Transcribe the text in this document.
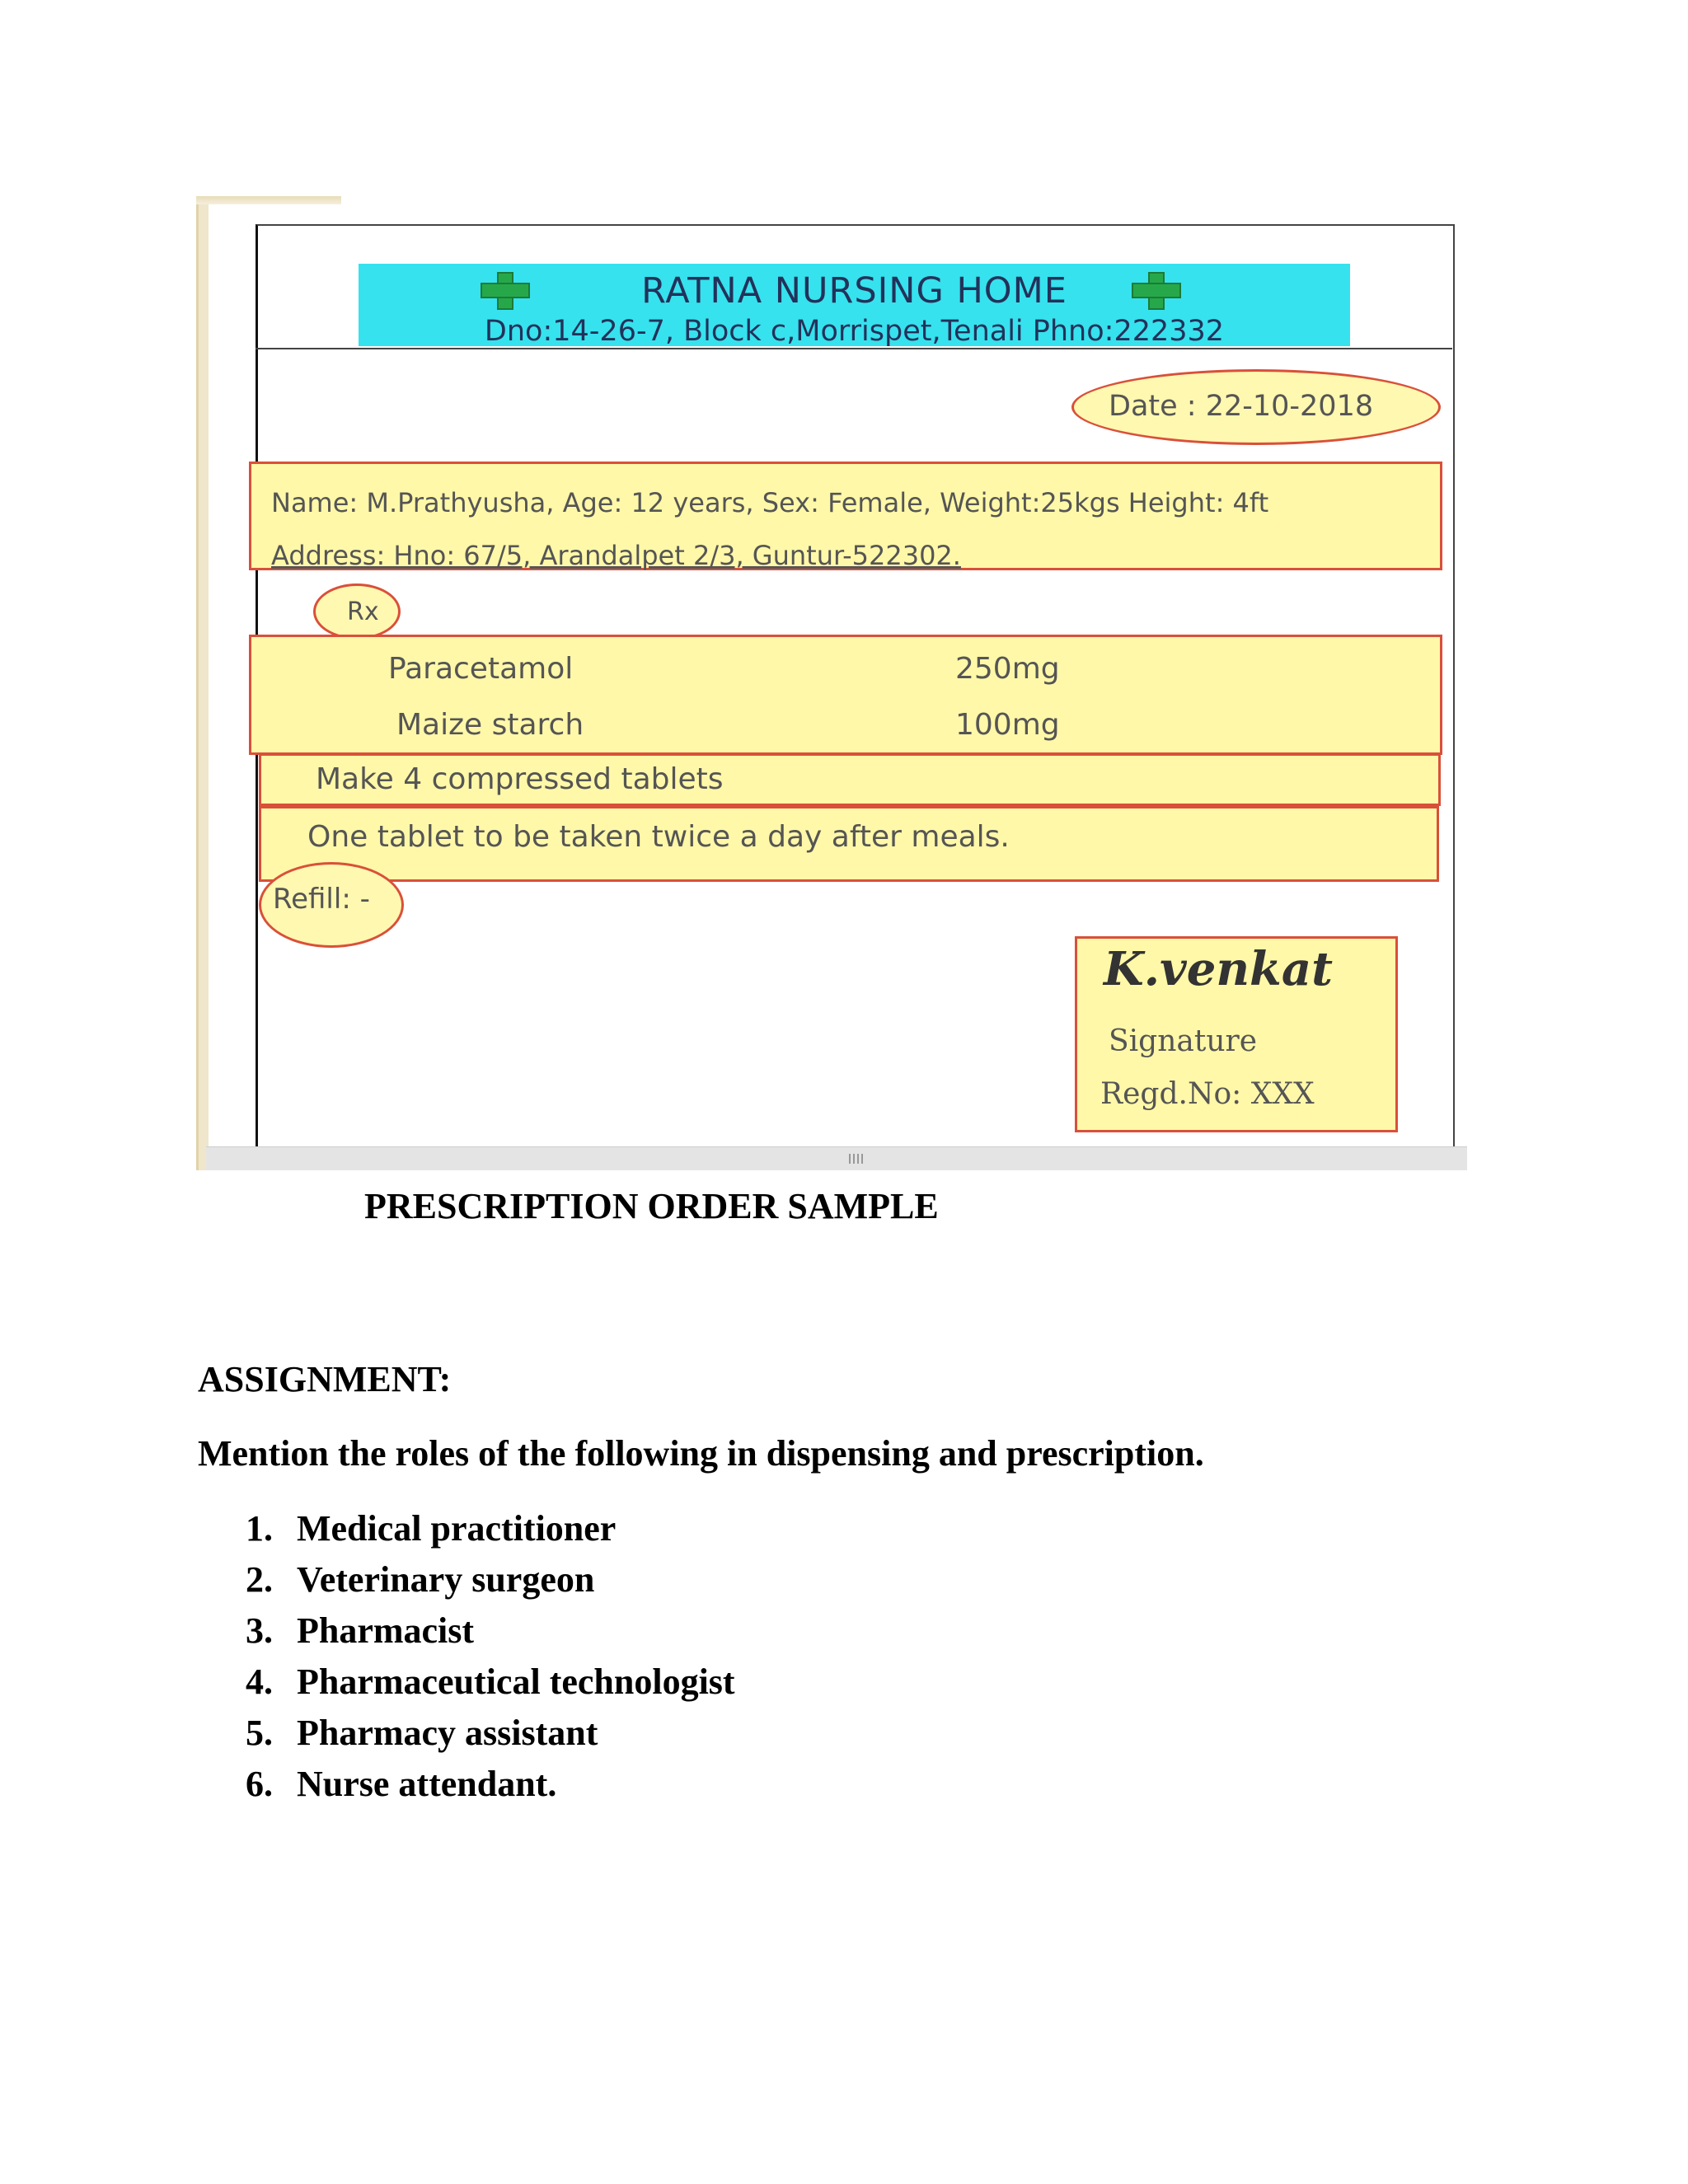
RATNA NURSING HOME
Dno:14-26-7, Block c,Morrispet,Tenali Phno:222332
Date : 22-10-2018
Name: M.Prathyusha, Age: 12 years, Sex: Female, Weight:25kgs Height: 4ft
Address: Hno: 67/5, Arandalpet 2/3, Guntur-522302.
Rx
Paracetamol	250mg
Maize starch	100mg
Make 4 compressed tablets
One tablet to be taken twice a day after meals.
Refill: -
K.venkat
Signature
Regd.No: XXX
PRESCRIPTION ORDER SAMPLE
ASSIGNMENT:
Mention the roles of the following in dispensing and prescription.
1. Medical practitioner
2. Veterinary surgeon
3. Pharmacist
4. Pharmaceutical technologist
5. Pharmacy assistant
6. Nurse attendant.
